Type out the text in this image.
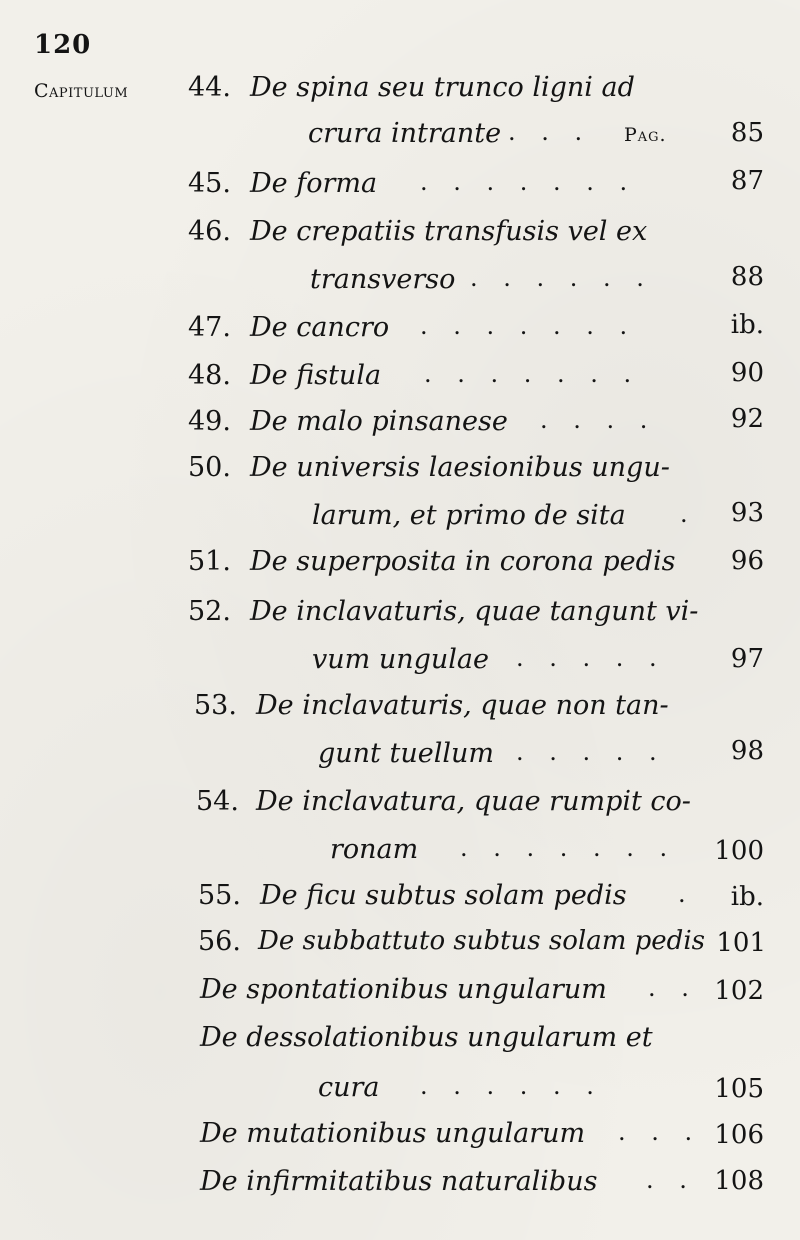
120
Capitulum 44. De spina seu trunco ligni ad
crura intrante . . . Pag. 85
45. De forma . . . . . . .	87
46. De crepatiis transfusis vel ex
transverso . . . . . .	88
47. De cancro . . . . . . .	ib.
48. De fistula . . . . . . .	90
49. De malo pinsanese . . . .	92
50. De universis laesionibus ungu-
larum, et primo de sita . 93
51. De superposita in corona pedis 96
52. De inclavaturis, quae tangunt vi-
vum ungulae . . . . .	97
53. De inclavaturis, quae non tan-
gunt tuellum . . . . .	98
54. De inclavatura, quae rumpit co-
ronam . . . . . . . 100
55. De ficu subtus solam pedis . ib.
56. De subbattuto subtus solam pedis 101
De spontationibus ungularum . . 102
De dessolationibus ungularum et
cura . . . . . .	105
De mutationibus ungularum . . . 106
De infirmitatibus naturalibus . . 108
